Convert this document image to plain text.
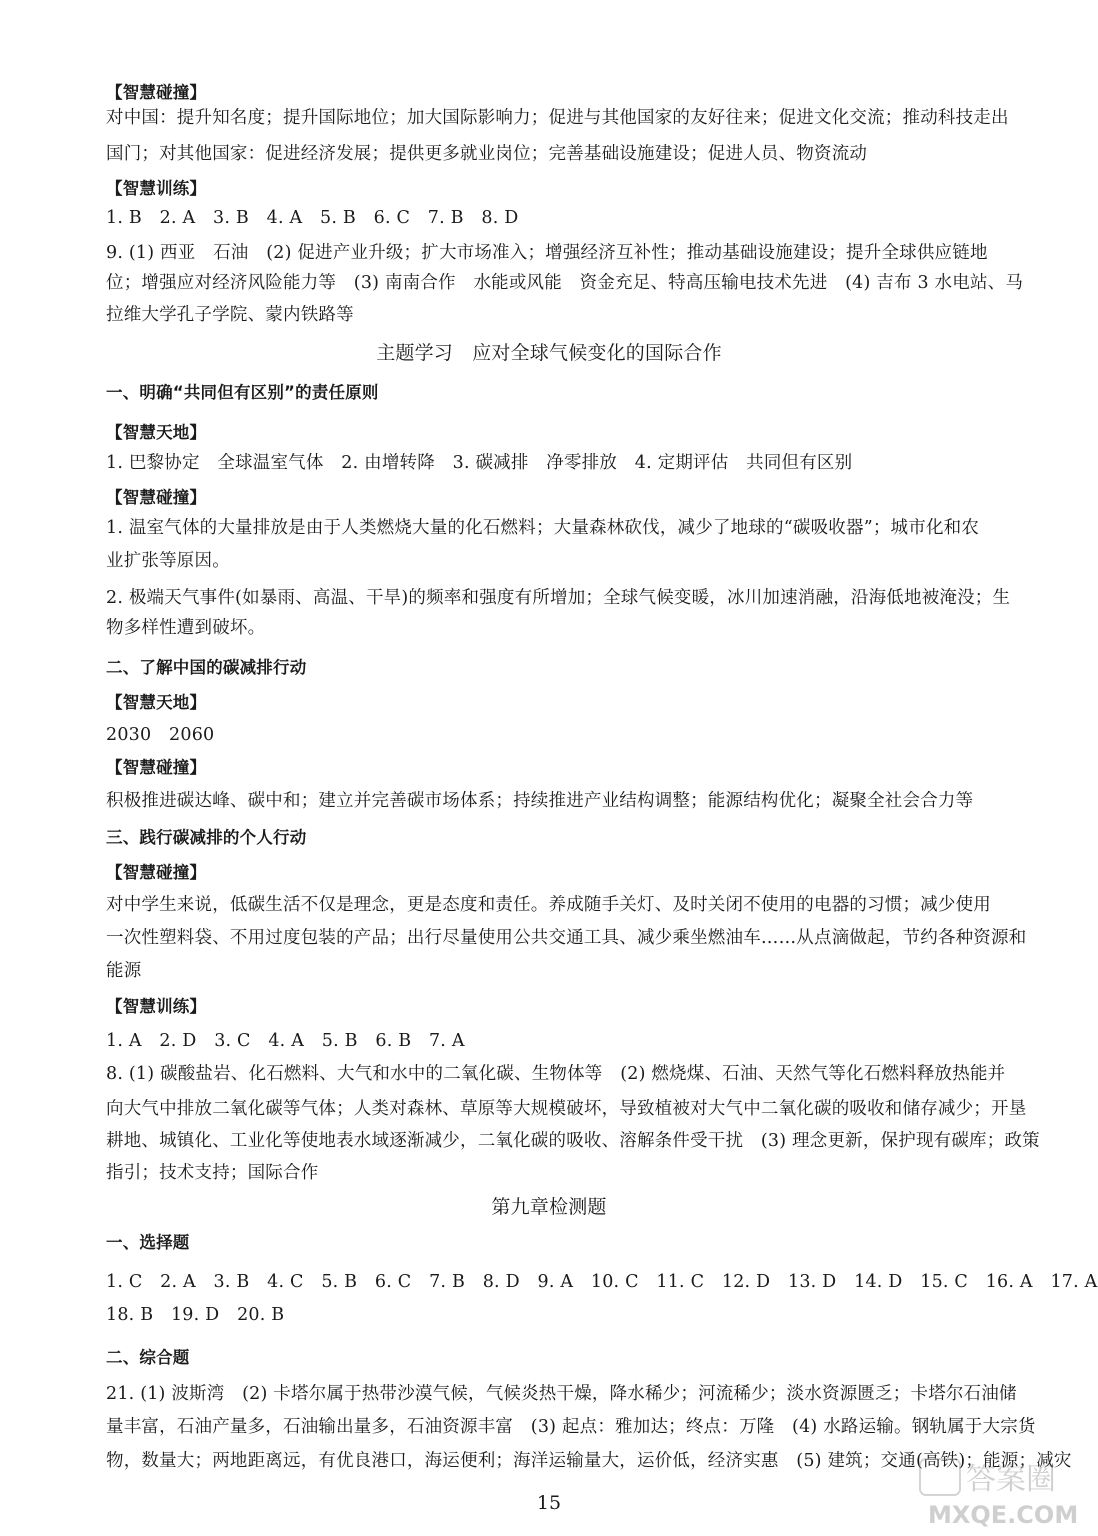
【智慧碰撞】
对中国：提升知名度；提升国际地位；加大国际影响力；促进与其他国家的友好往来；促进文化交流；推动科技走出
国门；对其他国家：促进经济发展；提供更多就业岗位；完善基础设施建设；促进人员、物资流动
【智慧训练】
1. B　2. A　3. B　4. A　5. B　6. C　7. B　8. D
9. (1) 西亚　石油　(2) 促进产业升级；扩大市场准入；增强经济互补性；推动基础设施建设；提升全球供应链地
位；增强应对经济风险能力等　(3) 南南合作　水能或风能　资金充足、特高压输电技术先进　(4) 吉布 3 水电站、马
拉维大学孔子学院、蒙内铁路等
主题学习　应对全球气候变化的国际合作
一、明确“共同但有区别”的责任原则
【智慧天地】
1. 巴黎协定　全球温室气体　2. 由增转降　3. 碳减排　净零排放　4. 定期评估　共同但有区别
【智慧碰撞】
1. 温室气体的大量排放是由于人类燃烧大量的化石燃料；大量森林砍伐，减少了地球的“碳吸收器”；城市化和农
业扩张等原因。
2. 极端天气事件(如暴雨、高温、干旱)的频率和强度有所增加；全球气候变暖，冰川加速消融，沿海低地被淹没；生
物多样性遭到破坏。
二、了解中国的碳减排行动
【智慧天地】
2030　2060
【智慧碰撞】
积极推进碳达峰、碳中和；建立并完善碳市场体系；持续推进产业结构调整；能源结构优化；凝聚全社会合力等
三、践行碳减排的个人行动
【智慧碰撞】
对中学生来说，低碳生活不仅是理念，更是态度和责任。养成随手关灯、及时关闭不使用的电器的习惯；减少使用
一次性塑料袋、不用过度包装的产品；出行尽量使用公共交通工具、减少乘坐燃油车……从点滴做起，节约各种资源和
能源
【智慧训练】
1. A　2. D　3. C　4. A　5. B　6. B　7. A
8. (1) 碳酸盐岩、化石燃料、大气和水中的二氧化碳、生物体等　(2) 燃烧煤、石油、天然气等化石燃料释放热能并
向大气中排放二氧化碳等气体；人类对森林、草原等大规模破坏，导致植被对大气中二氧化碳的吸收和储存减少；开垦
耕地、城镇化、工业化等使地表水域逐渐减少，二氧化碳的吸收、溶解条件受干扰　(3) 理念更新，保护现有碳库；政策
指引；技术支持；国际合作
第九章检测题
一、选择题
1. C　2. A　3. B　4. C　5. B　6. C　7. B　8. D　9. A　10. C　11. C　12. D　13. D　14. D　15. C　16. A　17. A
18. B　19. D　20. B
二、综合题
21. (1) 波斯湾　(2) 卡塔尔属于热带沙漠气候，气候炎热干燥，降水稀少；河流稀少；淡水资源匮乏；卡塔尔石油储
量丰富，石油产量多，石油输出量多，石油资源丰富　(3) 起点：雅加达；终点：万隆　(4) 水路运输。钢轨属于大宗货
物，数量大；两地距离远，有优良港口，海运便利；海洋运输量大，运价低，经济实惠　(5) 建筑；交通(高铁)；能源；减灾
15
答案圈
MXQE.COM
